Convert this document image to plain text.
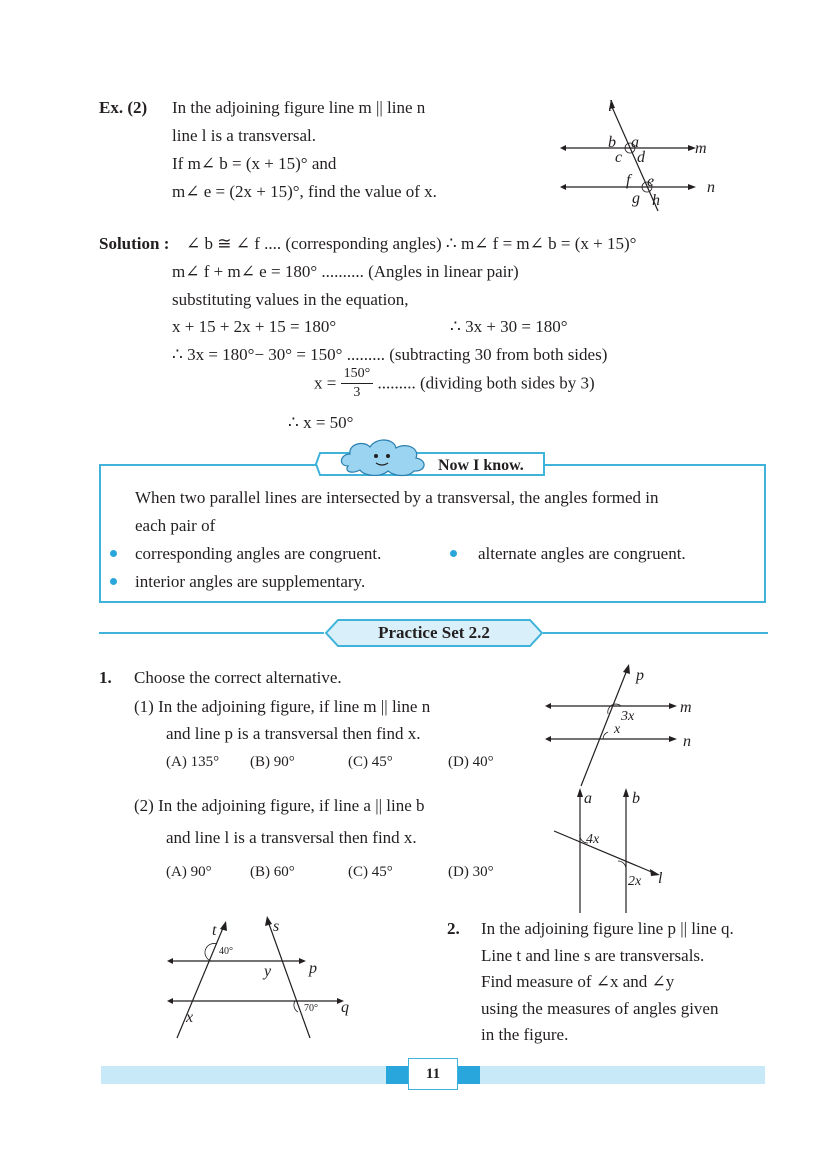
Ex. (2) In the adjoining figure line m || line n
line l is a transversal.
If m∠ b = (x + 15)° and
m∠ e = (2x + 15)°, find the value of x.
l
m
n
b a
c d
f e
g h
Solution : ∠ b ≅ ∠ f .... (corresponding angles) ∴ m∠ f = m∠ b = (x + 15)°
m∠ f + m∠ e = 180° .......... (Angles in linear pair)
substituting values in the equation,
x + 15 + 2x + 15 = 180°	∴ 3x + 30 = 180°
∴ 3x = 180°− 30° = 150° ......... (subtracting 30 from both sides)
$x = \frac{150^\circ}{3}$ ......... (dividing both sides by 3)
∴ x = 50°
Now I know.
When two parallel lines are intersected by a transversal, the angles formed in
each pair of
corresponding angles are congruent.	alternate angles are congruent.
interior angles are supplementary.
Practice Set 2.2
1. Choose the correct alternative.
(1) In the adjoining figure, if line m || line n
and line p is a transversal then find x.
(A) 135° (B) 90°	(C) 45°	(D) 40°
p
m
n
3x
x
(2) In the adjoining figure, if line a || line b
and line l is a transversal then find x.
(A) 90°	(B) 60°	(C) 45°	(D) 30°
a	b
l
4x
2x
t	s
p
q
40°
70°
x
y
2. In the adjoining figure line p || line q.
Line t and line s are transversals.
Find measure of ∠x and ∠y
using the measures of angles given
in the figure.
11
